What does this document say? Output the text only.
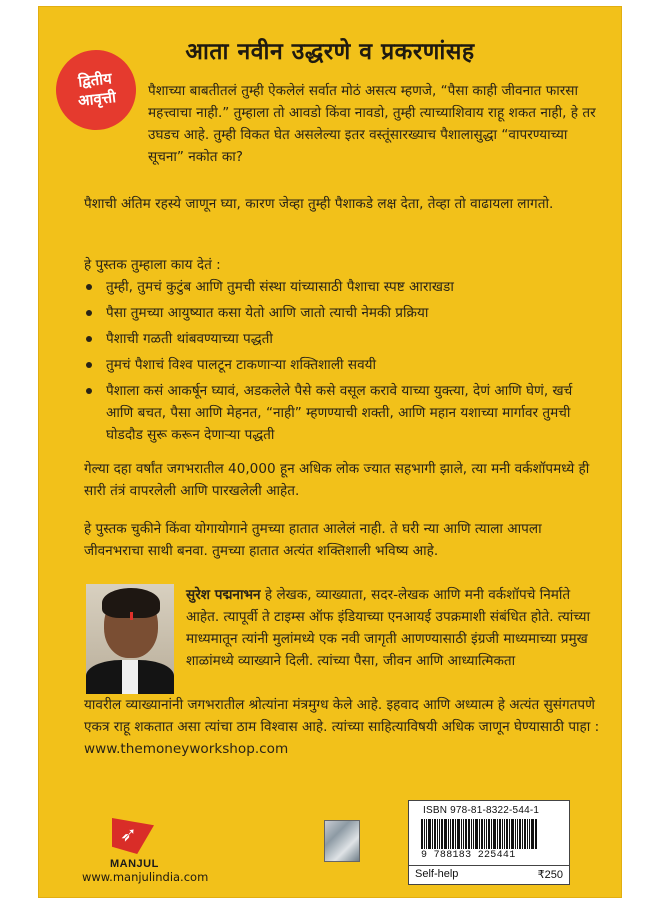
आता नवीन उद्धरणे व प्रकरणांसह
द्वितीय
आवृत्ती पैशाच्या बाबतीतलं तुम्ही ऐकलेलं सर्वात मोठं असत्य म्हणजे, “पैसा काही जीवनात फारसा महत्त्वाचा नाही.” तुम्हाला तो आवडो किंवा नावडो, तुम्ही त्याच्याशिवाय राहू शकत नाही, हे तर उघडच आहे. तुम्ही विकत घेत असलेल्या इतर वस्तूंसारख्याच पैशालासुद्धा “वापरण्याच्या सूचना” नकोत का?
पैशाची अंतिम रहस्ये जाणून घ्या, कारण जेव्हा तुम्ही पैशाकडे लक्ष देता, तेव्हा तो वाढायला लागतो.
हे पुस्तक तुम्हाला काय देतं :
तुम्ही, तुमचं कुटुंब आणि तुमची संस्था यांच्यासाठी पैशाचा स्पष्ट आराखडा
पैसा तुमच्या आयुष्यात कसा येतो आणि जातो त्याची नेमकी प्रक्रिया
पैशाची गळती थांबवण्याच्या पद्धती
तुमचं पैशाचं विश्व पालटून टाकणाऱ्या शक्तिशाली सवयी
पैशाला कसं आकर्षून घ्यावं, अडकलेले पैसे कसे वसूल करावे याच्या युक्त्या, देणं आणि घेणं, खर्च आणि बचत, पैसा आणि मेहनत, “नाही” म्हणण्याची शक्ती, आणि महान यशाच्या मार्गावर तुमची घोडदौड सुरू करून देणाऱ्या पद्धती
गेल्या दहा वर्षांत जगभरातील 40,000 हून अधिक लोक ज्यात सहभागी झाले, त्या मनी वर्कशॉपमध्ये ही सारी तंत्रं वापरलेली आणि पारखलेली आहेत.
हे पुस्तक चुकीने किंवा योगायोगाने तुमच्या हातात आलेलं नाही. ते घरी न्या आणि त्याला आपला जीवनभराचा साथी बनवा. तुमच्या हातात अत्यंत शक्तिशाली भविष्य आहे.
सुरेश पद्मनाभन हे लेखक, व्याख्याता, सदर-लेखक आणि मनी वर्कशॉपचे निर्माते आहेत. त्यापूर्वी ते टाइम्स ऑफ इंडियाच्या एनआयई उपक्रमाशी संबंधित होते. त्यांच्या माध्यमातून त्यांनी मुलांमध्ये एक नवी जागृती आणण्यासाठी इंग्रजी माध्यमाच्या प्रमुख शाळांमध्ये व्याख्याने दिली. त्यांच्या पैसा, जीवन आणि आध्यात्मिकता
यावरील व्याख्यानांनी जगभरातील श्रोत्यांना मंत्रमुग्ध केले आहे. इहवाद आणि अध्यात्म हे अत्यंत सुसंगतपणे एकत्र राहू शकतात असा त्यांचा ठाम विश्वास आहे. त्यांच्या साहित्याविषयी अधिक जाणून घेण्यासाठी पाहा : www.themoneyworkshop.com
➶
MANJUL
www.manjulindia.com
ISBN 978-81-8322-544-1
9 788183 225441
Self-help	₹250
